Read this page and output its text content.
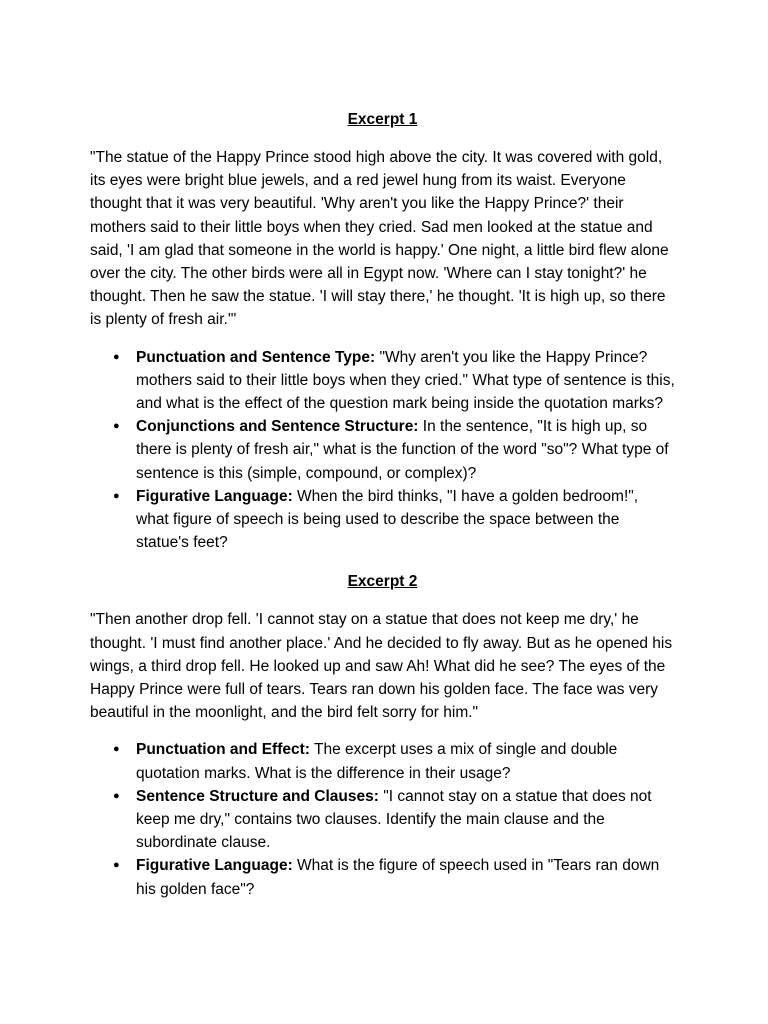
Excerpt 1

"The statue of the Happy Prince stood high above the city. It was covered with gold, its eyes were bright blue jewels, and a red jewel hung from its waist. Everyone thought that it was very beautiful. 'Why aren't you like the Happy Prince?' their mothers said to their little boys when they cried. Sad men looked at the statue and said, 'I am glad that someone in the world is happy.' One night, a little bird flew alone over the city. The other birds were all in Egypt now. 'Where can I stay tonight?' he thought. Then he saw the statue. 'I will stay there,' he thought. 'It is high up, so there is plenty of fresh air.'"

● Punctuation and Sentence Type: "Why aren't you like the Happy Prince? mothers said to their little boys when they cried." What type of sentence is this, and what is the effect of the question mark being inside the quotation marks?
● Conjunctions and Sentence Structure: In the sentence, "It is high up, so there is plenty of fresh air," what is the function of the word "so"? What type of sentence is this (simple, compound, or complex)?
● Figurative Language: When the bird thinks, "I have a golden bedroom!", what figure of speech is being used to describe the space between the statue's feet?
Excerpt 2

"Then another drop fell. 'I cannot stay on a statue that does not keep me dry,' he thought. 'I must find another place.' And he decided to fly away. But as he opened his wings, a third drop fell. He looked up and saw Ah! What did he see? The eyes of the Happy Prince were full of tears. Tears ran down his golden face. The face was very beautiful in the moonlight, and the bird felt sorry for him."

● Punctuation and Effect: The excerpt uses a mix of single and double quotation marks. What is the difference in their usage?
● Sentence Structure and Clauses: "I cannot stay on a statue that does not keep me dry," contains two clauses. Identify the main clause and the subordinate clause.
● Figurative Language: What is the figure of speech used in "Tears ran down his golden face"?
